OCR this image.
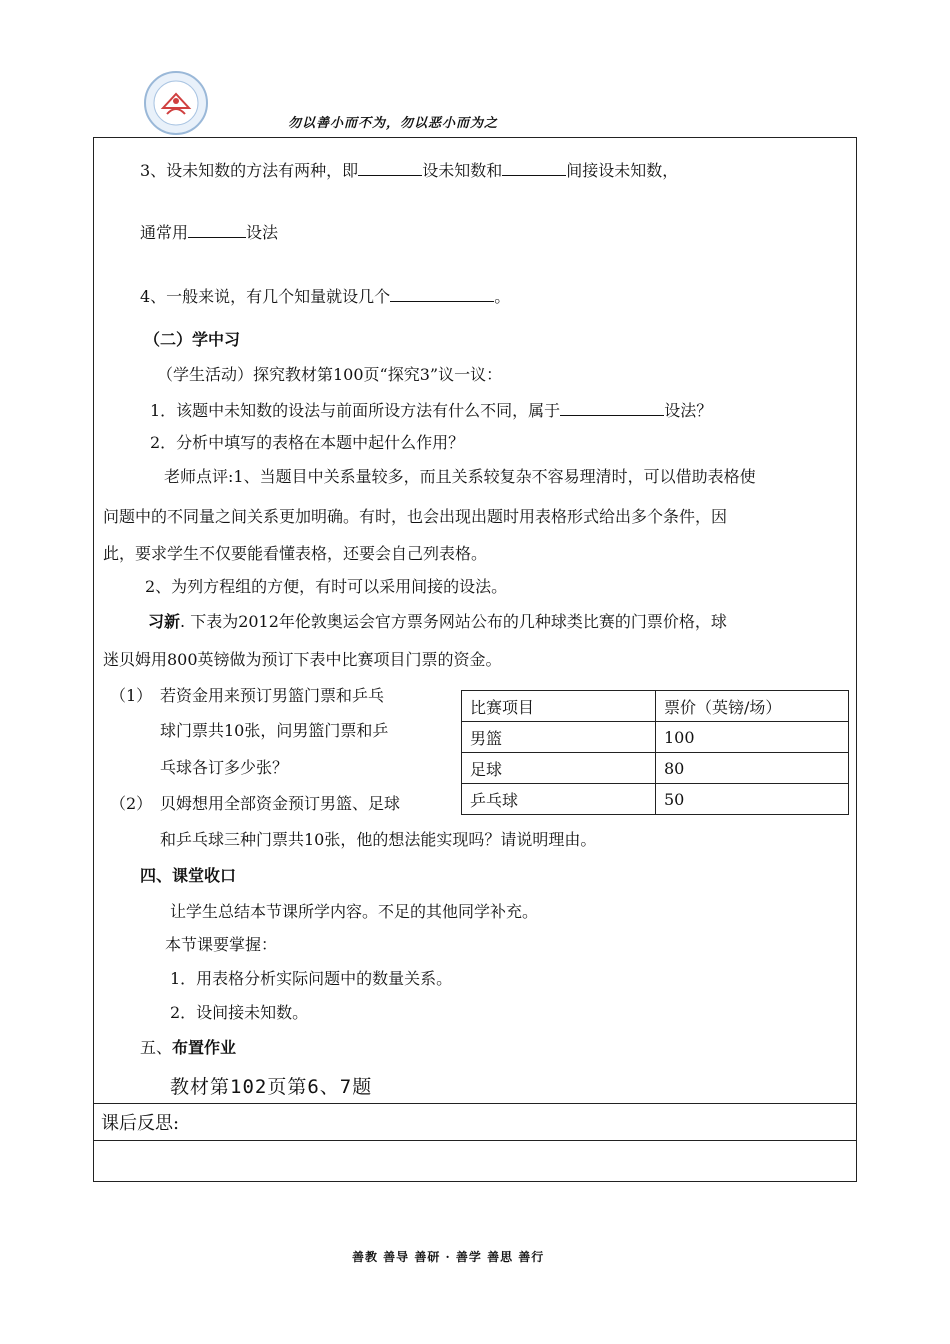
勿以善小而不为，勿以恶小而为之
3、设未知数的方法有两种，即	设未知数和	间接设未知数，
通常用	设法
4、一般来说，有几个知量就设几个	。
（二）学中习
（学生活动）探究教材第100页“探究3”议一议：
1．该题中未知数的设法与前面所设方法有什么不同，属于	设法？
2．分析中填写的表格在本题中起什么作用？
老师点评:1、当题目中关系量较多，而且关系较复杂不容易理清时，可以借助表格使
问题中的不同量之间关系更加明确。有时，也会出现出题时用表格形式给出多个条件，因
此，要求学生不仅要能看懂表格，还要会自己列表格。
2、为列方程组的方便，有时可以采用间接的设法。
习新. 下表为2012年伦敦奥运会官方票务网站公布的几种球类比赛的门票价格，球
迷贝姆用800英镑做为预订下表中比赛项目门票的资金。
（1） 若资金用来预订男篮门票和乒乓
球门票共10张，问男篮门票和乒
乓球各订多少张？
（2） 贝姆想用全部资金预订男篮、足球
和乒乓球三种门票共10张，他的想法能实现吗？请说明理由。
比赛项目	票价（英镑/场）
男篮	100
足球	80
乒乓球	50
四、课堂收口
让学生总结本节课所学内容。不足的其他同学补充。
本节课要掌握：
1．用表格分析实际问题中的数量关系。
2．设间接未知数。
五、布置作业
教材第102页第6、7题
课后反思:
善教 善导 善研 · 善学 善思 善行
